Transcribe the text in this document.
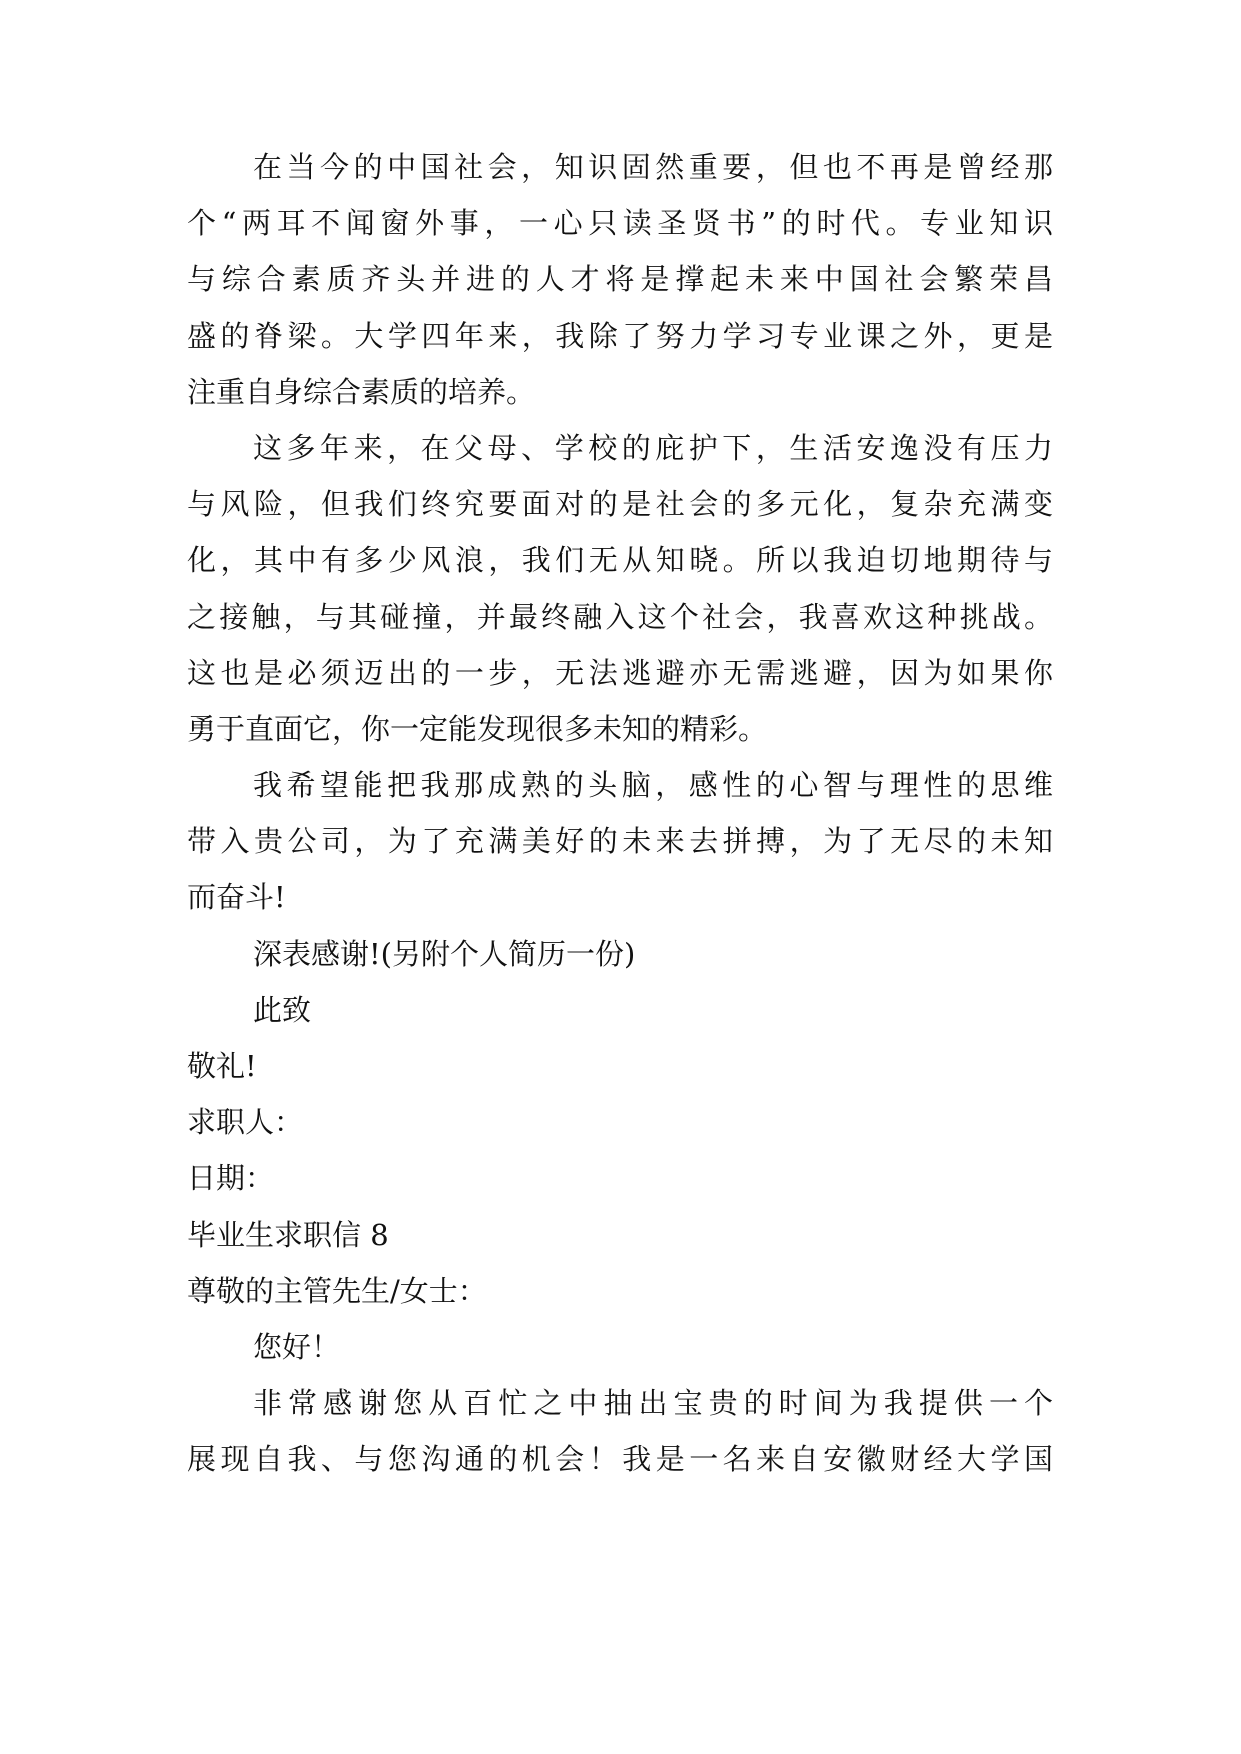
在当今的中国社会，知识固然重要，但也不再是曾经那
个“两耳不闻窗外事，一心只读圣贤书”的时代。专业知识
与综合素质齐头并进的人才将是撑起未来中国社会繁荣昌
盛的脊梁。大学四年来，我除了努力学习专业课之外，更是
注重自身综合素质的培养。
这多年来，在父母、学校的庇护下，生活安逸没有压力
与风险，但我们终究要面对的是社会的多元化，复杂充满变
化，其中有多少风浪，我们无从知晓。所以我迫切地期待与
之接触，与其碰撞，并最终融入这个社会，我喜欢这种挑战。
这也是必须迈出的一步，无法逃避亦无需逃避，因为如果你
勇于直面它，你一定能发现很多未知的精彩。
我希望能把我那成熟的头脑，感性的心智与理性的思维
带入贵公司，为了充满美好的未来去拼搏，为了无尽的未知
而奋斗!
深表感谢!(另附个人简历一份)
此致
敬礼!
求职人：
日期：
毕业生求职信 8
尊敬的主管先生/女士：
您好！
非常感谢您从百忙之中抽出宝贵的时间为我提供一个
展现自我、与您沟通的机会！我是一名来自安徽财经大学国
